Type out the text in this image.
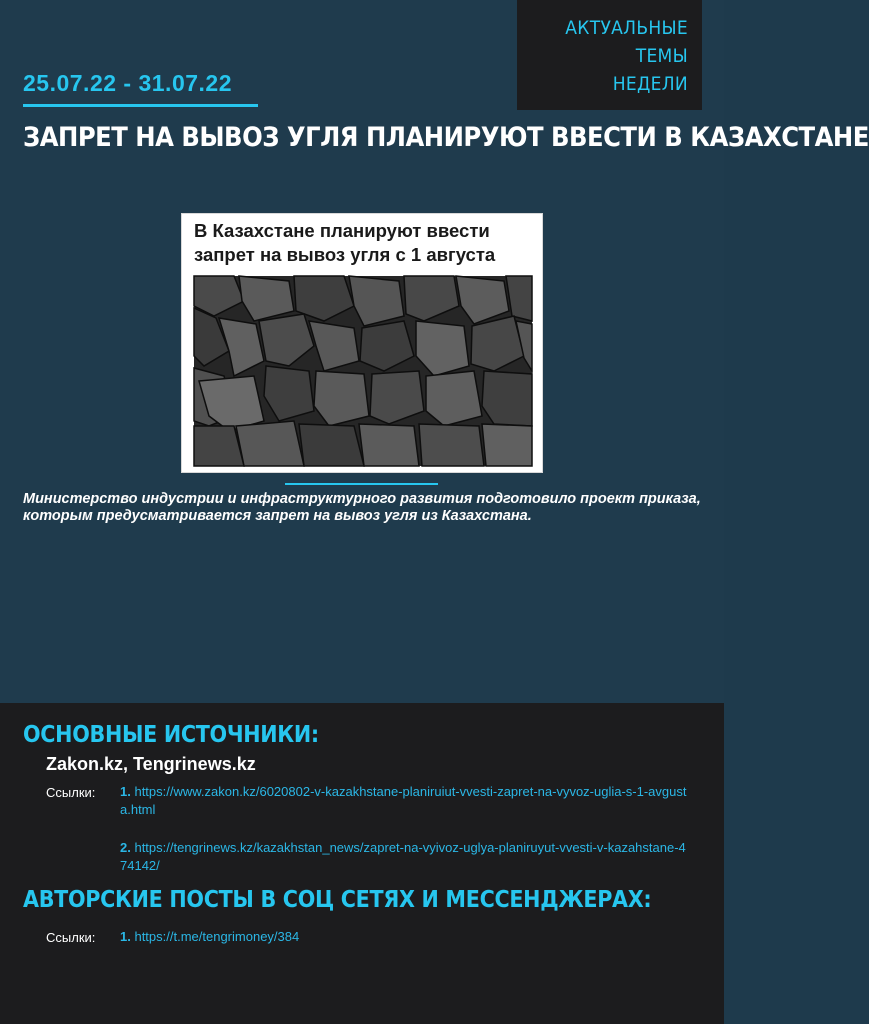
АКТУАЛЬНЫЕ ТЕМЫ
НЕДЕЛИ
25.07.22 - 31.07.22
ЗАПРЕТ НА ВЫВОЗ УГЛЯ ПЛАНИРУЮТ ВВЕСТИ В КАЗАХСТАНЕ
В Казахстане планируют ввести
запрет на вывоз угля с 1 августа
Министерство индустрии и инфраструктурного развития подготовило проект приказа, которым предусматривается запрет на вывоз угля из Казахстана.
ОСНОВНЫЕ ИСТОЧНИКИ:
Zakon.kz, Tengrinews.kz
Ссылки: 1. https://www.zakon.kz/6020802-v-kazakhstane-planiruiut-vvesti-zapret-na-vyvoz-uglia-s-1-avgusta.html
2. https://tengrinews.kz/kazakhstan_news/zapret-na-vyivoz-uglya-planiruyut-vvesti-v-kazahstane-474142/
АВТОРСКИЕ ПОСТЫ В СОЦ СЕТЯХ И МЕССЕНДЖЕРАХ:
Ссылки: 1. https://t.me/tengrimoney/384
